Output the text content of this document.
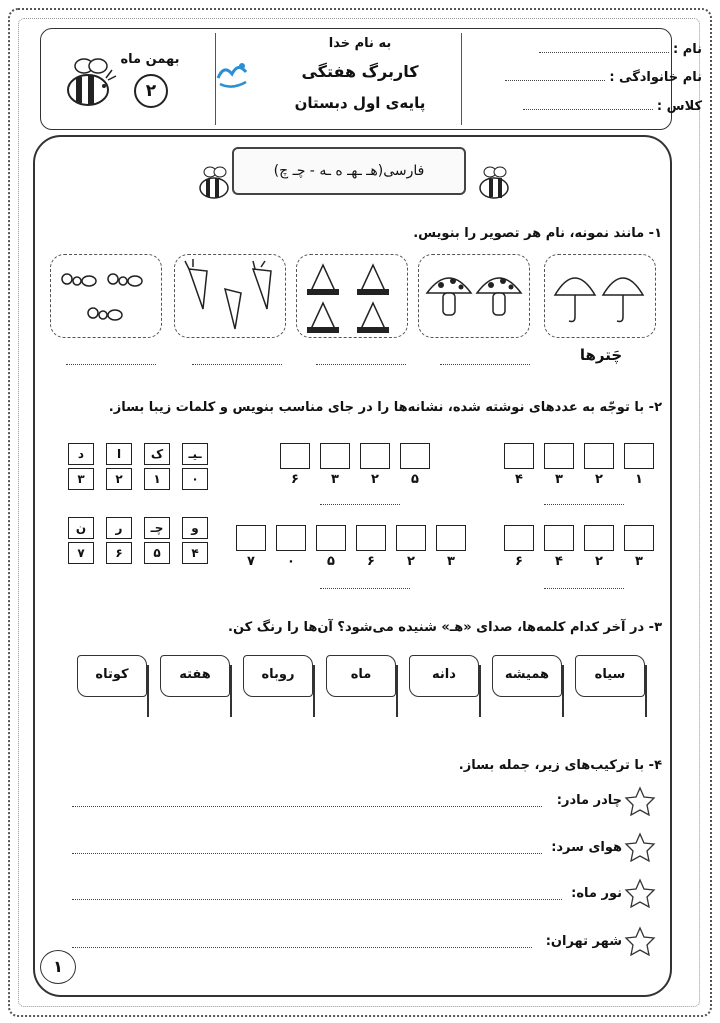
نام :
نام خانوادگی :
کلاس :
به نام خدا
کاربرگ هفتگی
پایه‌ی اول دبستان
بهمن ماه
۲
فارسی(هـ ـهـ ه ـه - چـ چ)
۱- مانند نمونه، نام هر تصویر را بنویس.
چَترها
۲- با توجّه به عددهای نوشته شده، نشانه‌ها را در جای مناسب بنویس و کلمات زیبا بساز.
ـیـ
ک
ا
د
۰
۱
۲
۳
و
چـ
ر
ن
۴
۵
۶
۷
۱
۲
۳
۴
۵
۲
۳
۶
۳
۲
۴
۶
۳
۲
۶
۵
۰
۷
۳- در آخر کدام کلمه‌ها، صدای «هـ» شنیده می‌شود؟ آن‌ها را رنگ کن.
سیاه
همیشه
دانه
ماه
روباه
هفته
کوتاه
۴- با ترکیب‌های زیر، جمله بساز.
چادر مادر:
هوای سرد:
نور ماه:
شهر تهران:
۱
